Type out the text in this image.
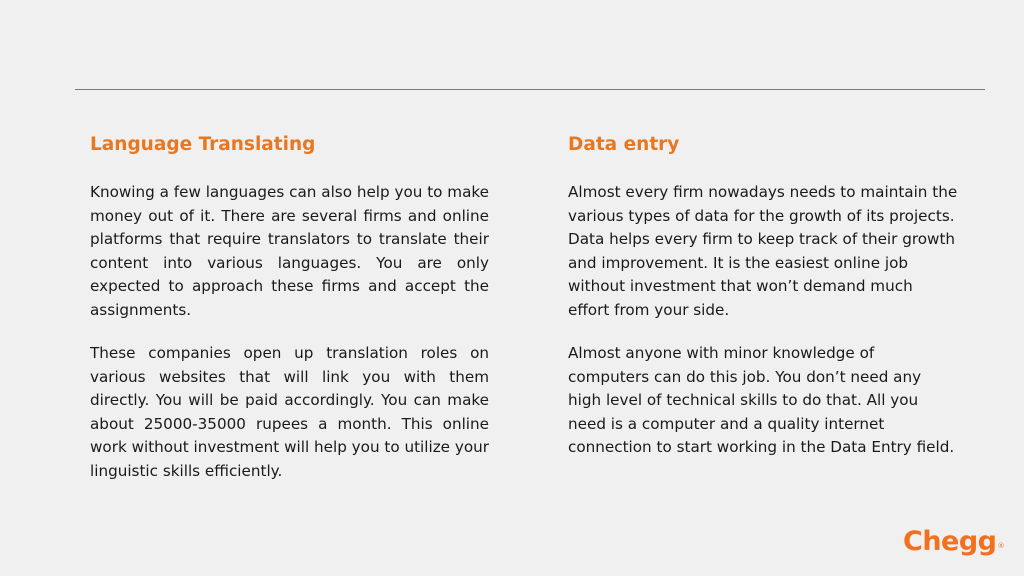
Language Translating

Knowing a few languages can also help you to make money out of it. There are several firms and online platforms that require translators to translate their content into various languages. You are only expected to approach these firms and accept the assignments.

These companies open up translation roles on various websites that will link you with them directly. You will be paid accordingly. You can make about 25000-35000 rupees a month. This online work without investment will help you to utilize your linguistic skills efficiently.

Data entry

Almost every firm nowadays needs to maintain the various types of data for the growth of its projects. Data helps every firm to keep track of their growth and improvement. It is the easiest online job without investment that won’t demand much effort from your side.

Almost anyone with minor knowledge of computers can do this job. You don’t need any high level of technical skills to do that. All you need is a computer and a quality internet connection to start working in the Data Entry field.

Chegg®
